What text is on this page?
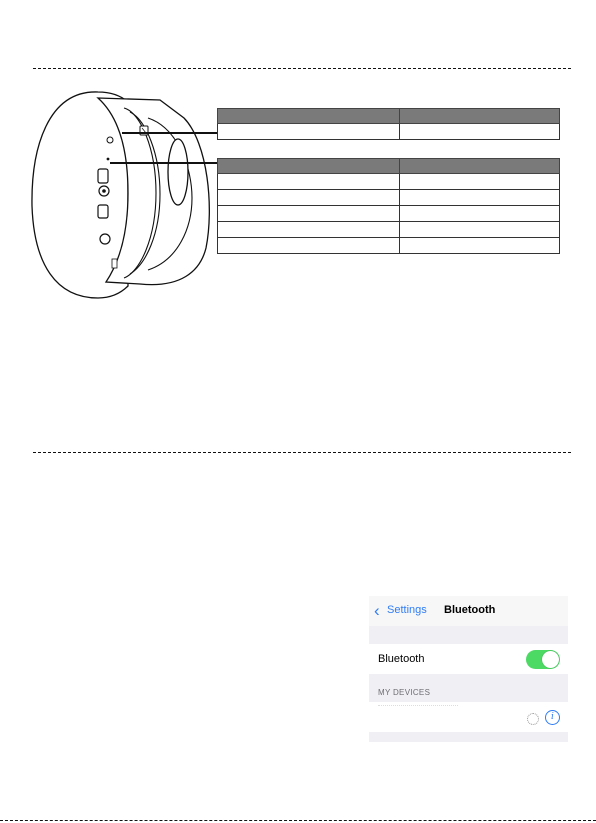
‹ Settings Bluetooth
Bluetooth
MY DEVICES
i
